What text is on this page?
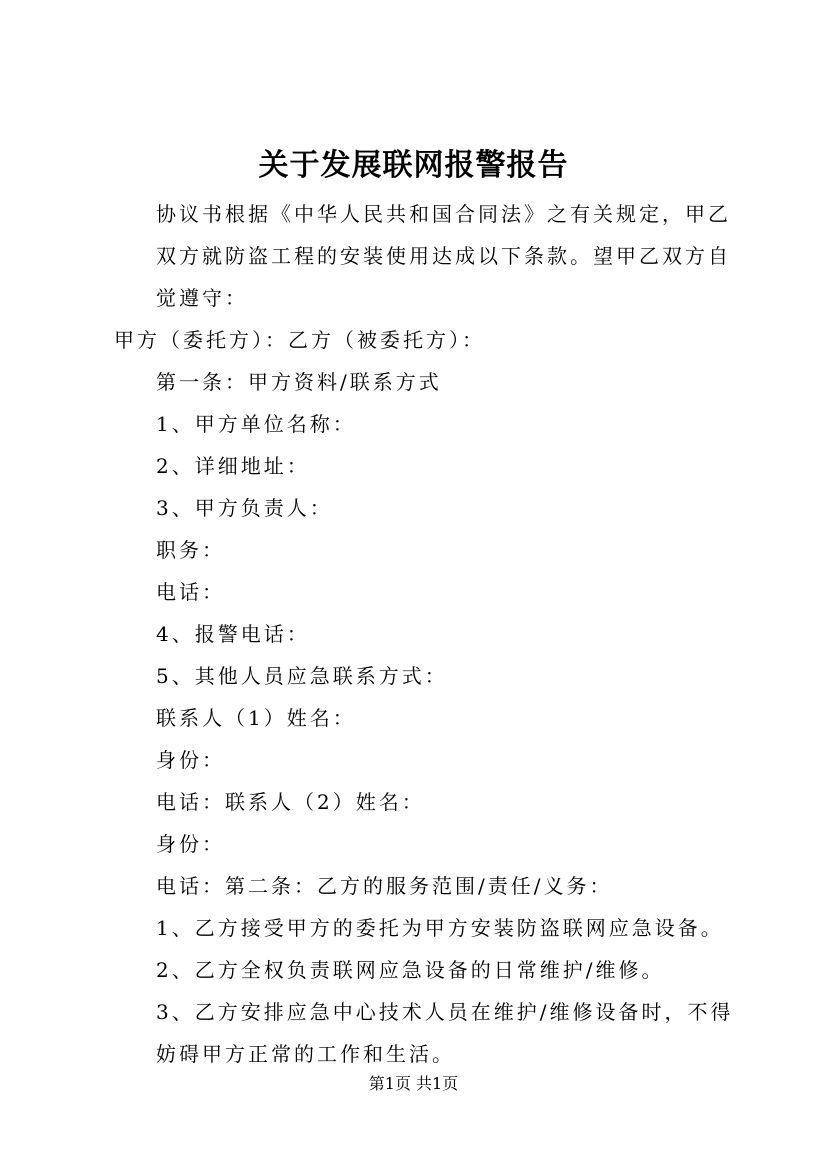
关于发展联网报警报告

协议书根据《中华人民共和国合同法》之有关规定，甲乙双方就防盗工程的安装使用达成以下条款。望甲乙双方自觉遵守：

甲方（委托方）：乙方（被委托方）：

第一条：甲方资料/联系方式

1、甲方单位名称：

2、详细地址：

3、甲方负责人：

职务：

电话：

4、报警电话：

5、其他人员应急联系方式：

联系人（1）姓名：

身份：

电话：联系人（2）姓名：

身份：

电话：第二条：乙方的服务范围/责任/义务：

1、乙方接受甲方的委托为甲方安装防盗联网应急设备。

2、乙方全权负责联网应急设备的日常维护/维修。

3、乙方安排应急中心技术人员在维护/维修设备时，不得妨碍甲方正常的工作和生活。

第1页 共1页
